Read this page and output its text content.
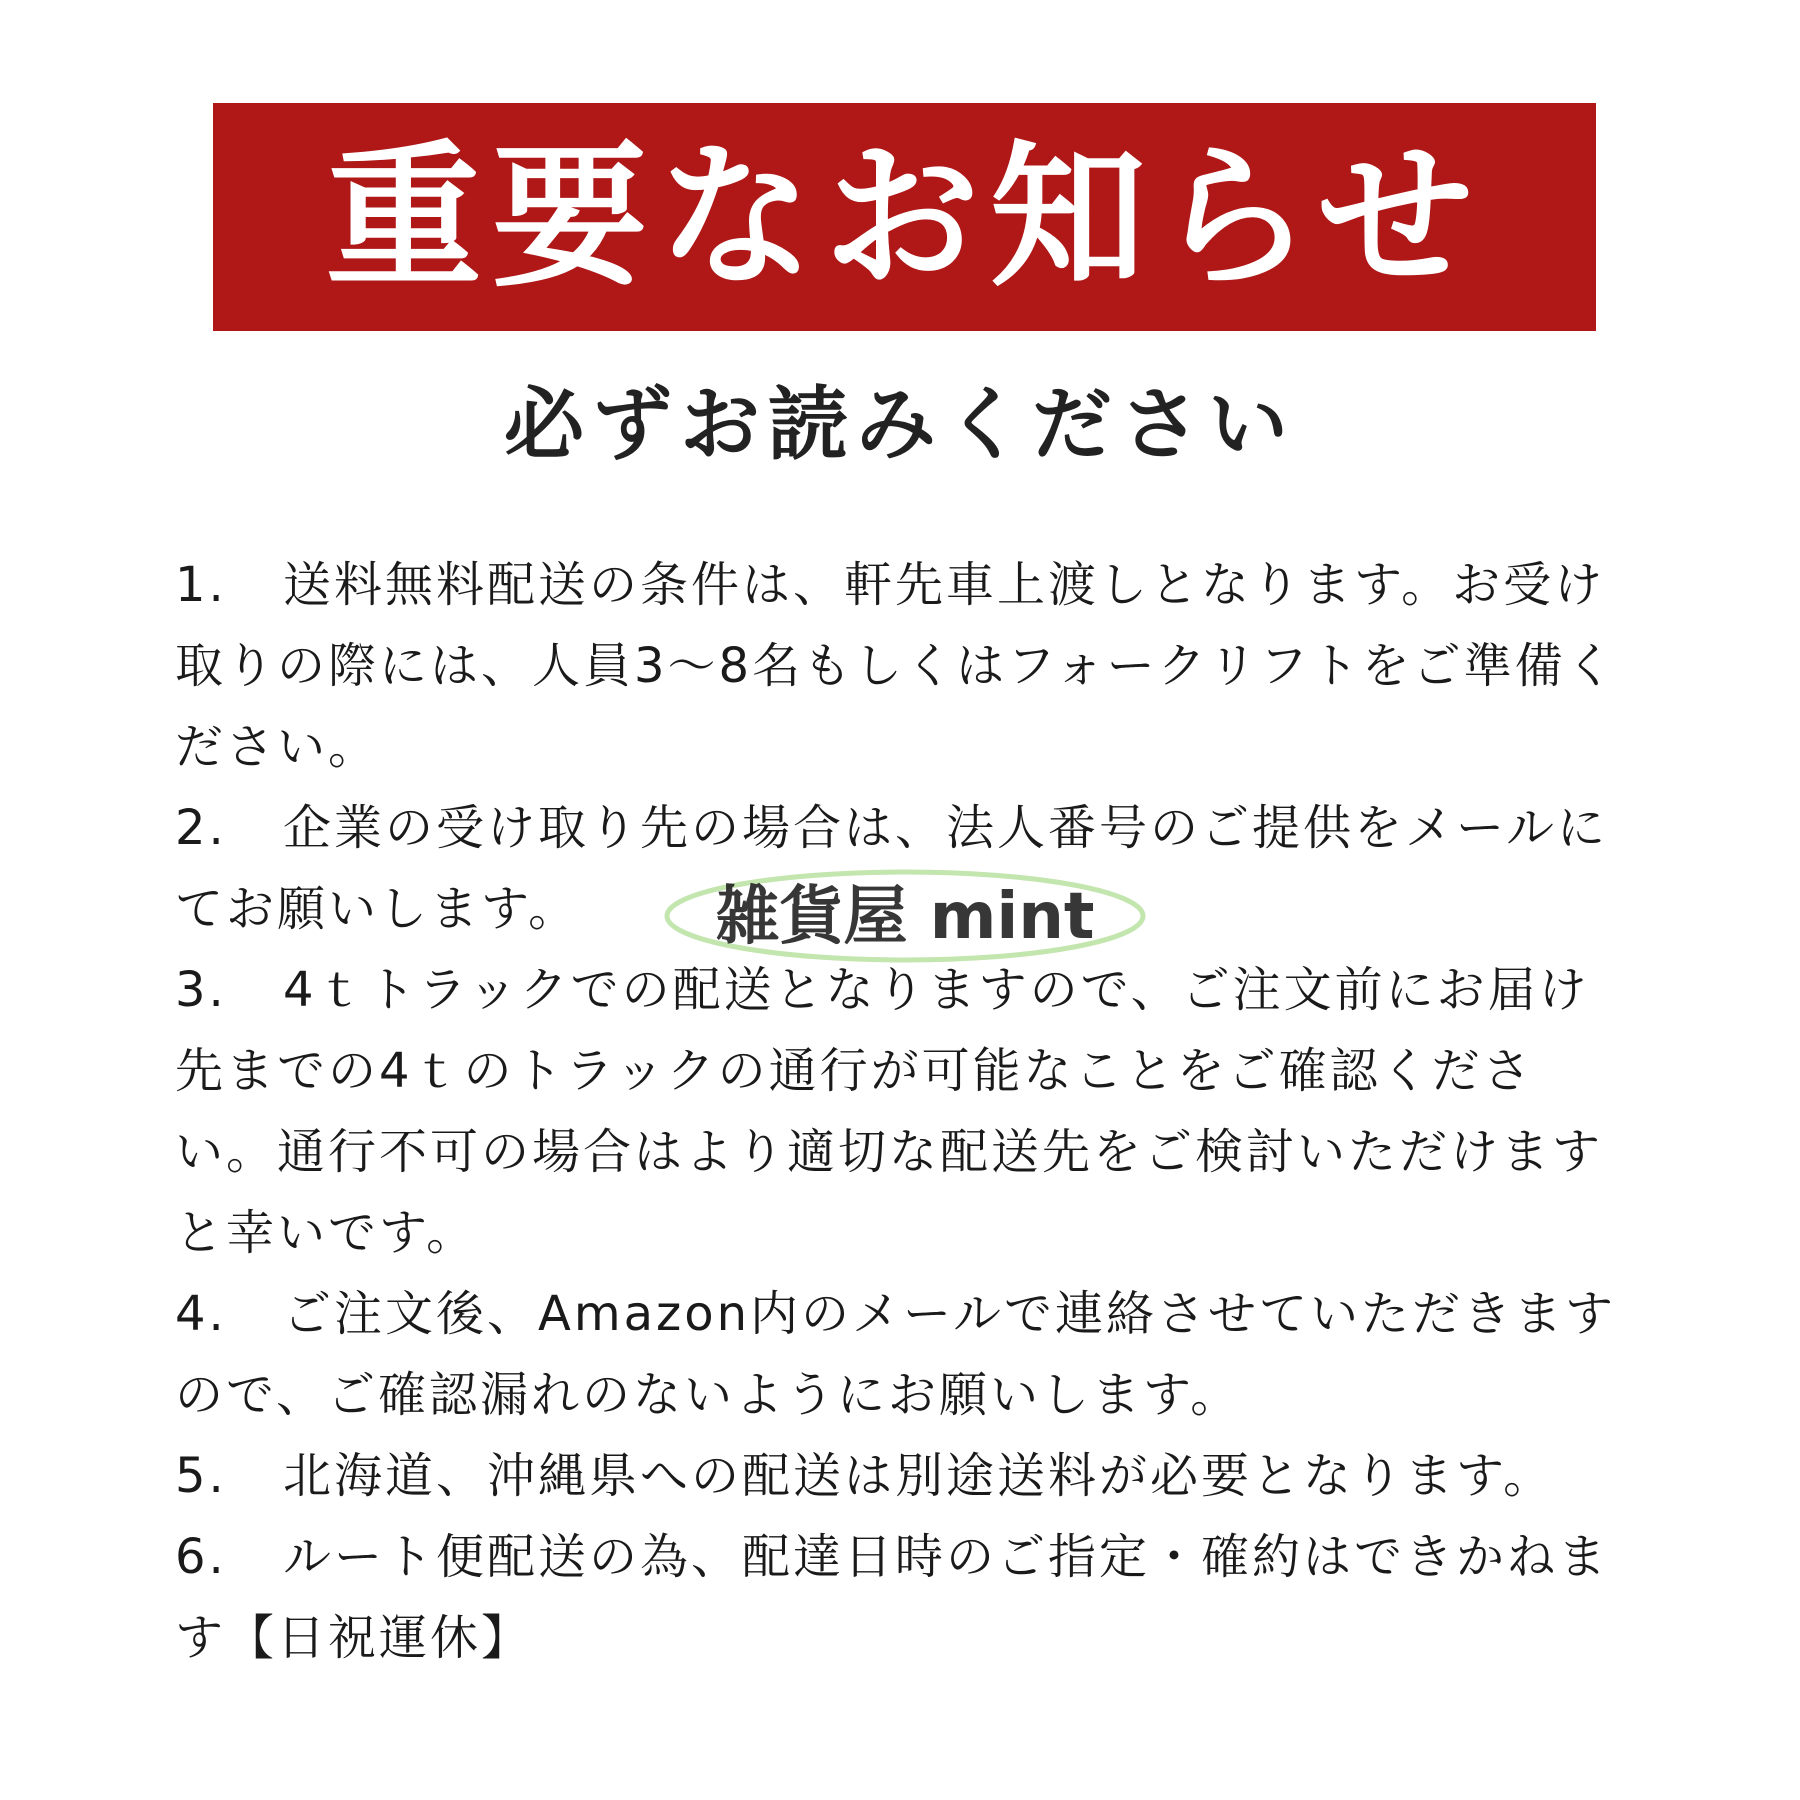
重要なお知らせ
必ずお読みください
1. 送料無料配送の条件は、軒先車上渡しとなります。お受け取りの際には、人員3〜8名もしくはフォークリフトをご準備ください。
2. 企業の受け取り先の場合は、法人番号のご提供をメールにてお願いします。
3. 4ｔトラックでの配送となりますので、ご注文前にお届け先までの4ｔのトラックの通行が可能なことをご確認ください。通行不可の場合はより適切な配送先をご検討いただけますと幸いです。
4. ご注文後、Amazon内のメールで連絡させていただきますので、ご確認漏れのないようにお願いします。
5. 北海道、沖縄県への配送は別途送料が必要となります。
6. ルート便配送の為、配達日時のご指定・確約はできかねます【日祝運休】
雑貨屋 mint
